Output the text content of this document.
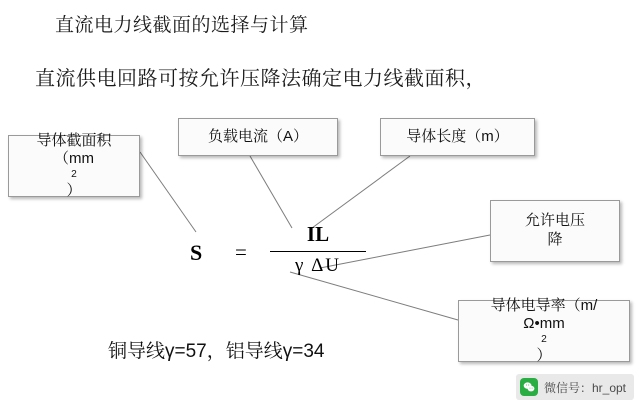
直流电力线截面的选择与计算
直流供电回路可按允许压降法确定电力线截面积，
导体截面积
（mm
2
）
负载电流（A）	导体长度（m）
允许电压
降
导体电导率（m/
Ω•mm
2
）
S =
IL
γ ΔU
铜导线γ=57，铝导线γ=34
微信号：hr_opt
